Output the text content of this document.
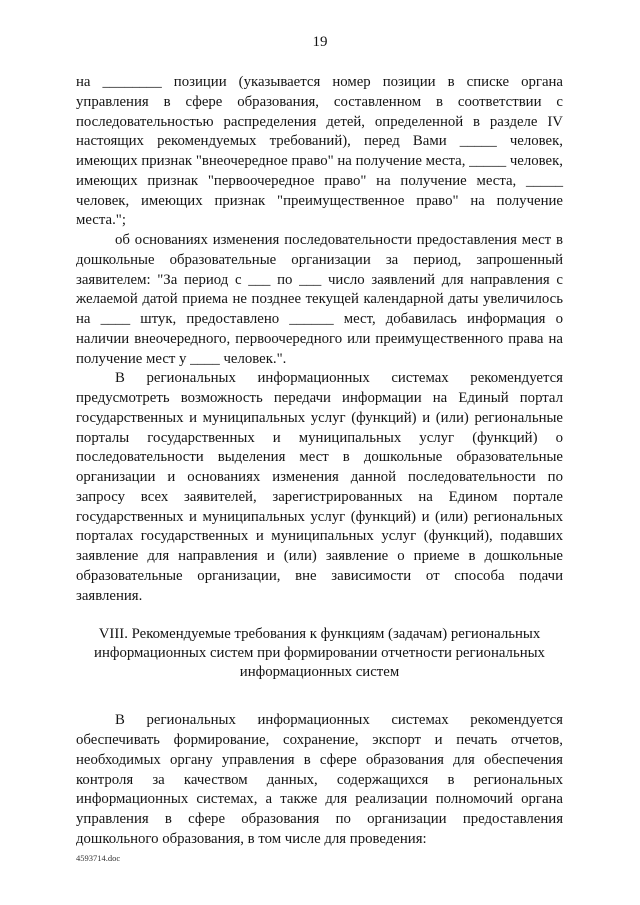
19

на ________ позиции (указывается номер позиции в списке органа управления в сфере образования, составленном в соответствии с последовательностью распределения детей, определенной в разделе IV настоящих рекомендуемых требований), перед Вами _____ человек, имеющих признак "внеочередное право" на получение места, _____ человек, имеющих признак "первоочередное право" на получение места, _____ человек, имеющих признак "преимущественное право" на получение места.";

об основаниях изменения последовательности предоставления мест в дошкольные образовательные организации за период, запрошенный заявителем: "За период с ___ по ___ число заявлений для направления с желаемой датой приема не позднее текущей календарной даты увеличилось на ____ штук, предоставлено ______ мест, добавилась информация о наличии внеочередного, первоочередного или преимущественного права на получение мест у ____ человек.".

В региональных информационных системах рекомендуется предусмотреть возможность передачи информации на Единый портал государственных и муниципальных услуг (функций) и (или) региональные порталы государственных и муниципальных услуг (функций) о последовательности выделения мест в дошкольные образовательные организации и основаниях изменения данной последовательности по запросу всех заявителей, зарегистрированных на Едином портале государственных и муниципальных услуг (функций) и (или) региональных порталах государственных и муниципальных услуг (функций), подавших заявление для направления и (или) заявление о приеме в дошкольные образовательные организации, вне зависимости от способа подачи заявления.

VIII. Рекомендуемые требования к функциям (задачам) региональных информационных систем при формировании отчетности региональных информационных систем

В региональных информационных системах рекомендуется обеспечивать формирование, сохранение, экспорт и печать отчетов, необходимых органу управления в сфере образования для обеспечения контроля за качеством данных, содержащихся в региональных информационных системах, а также для реализации полномочий органа управления в сфере образования по организации предоставления дошкольного образования, в том числе для проведения:

4593714.doc
